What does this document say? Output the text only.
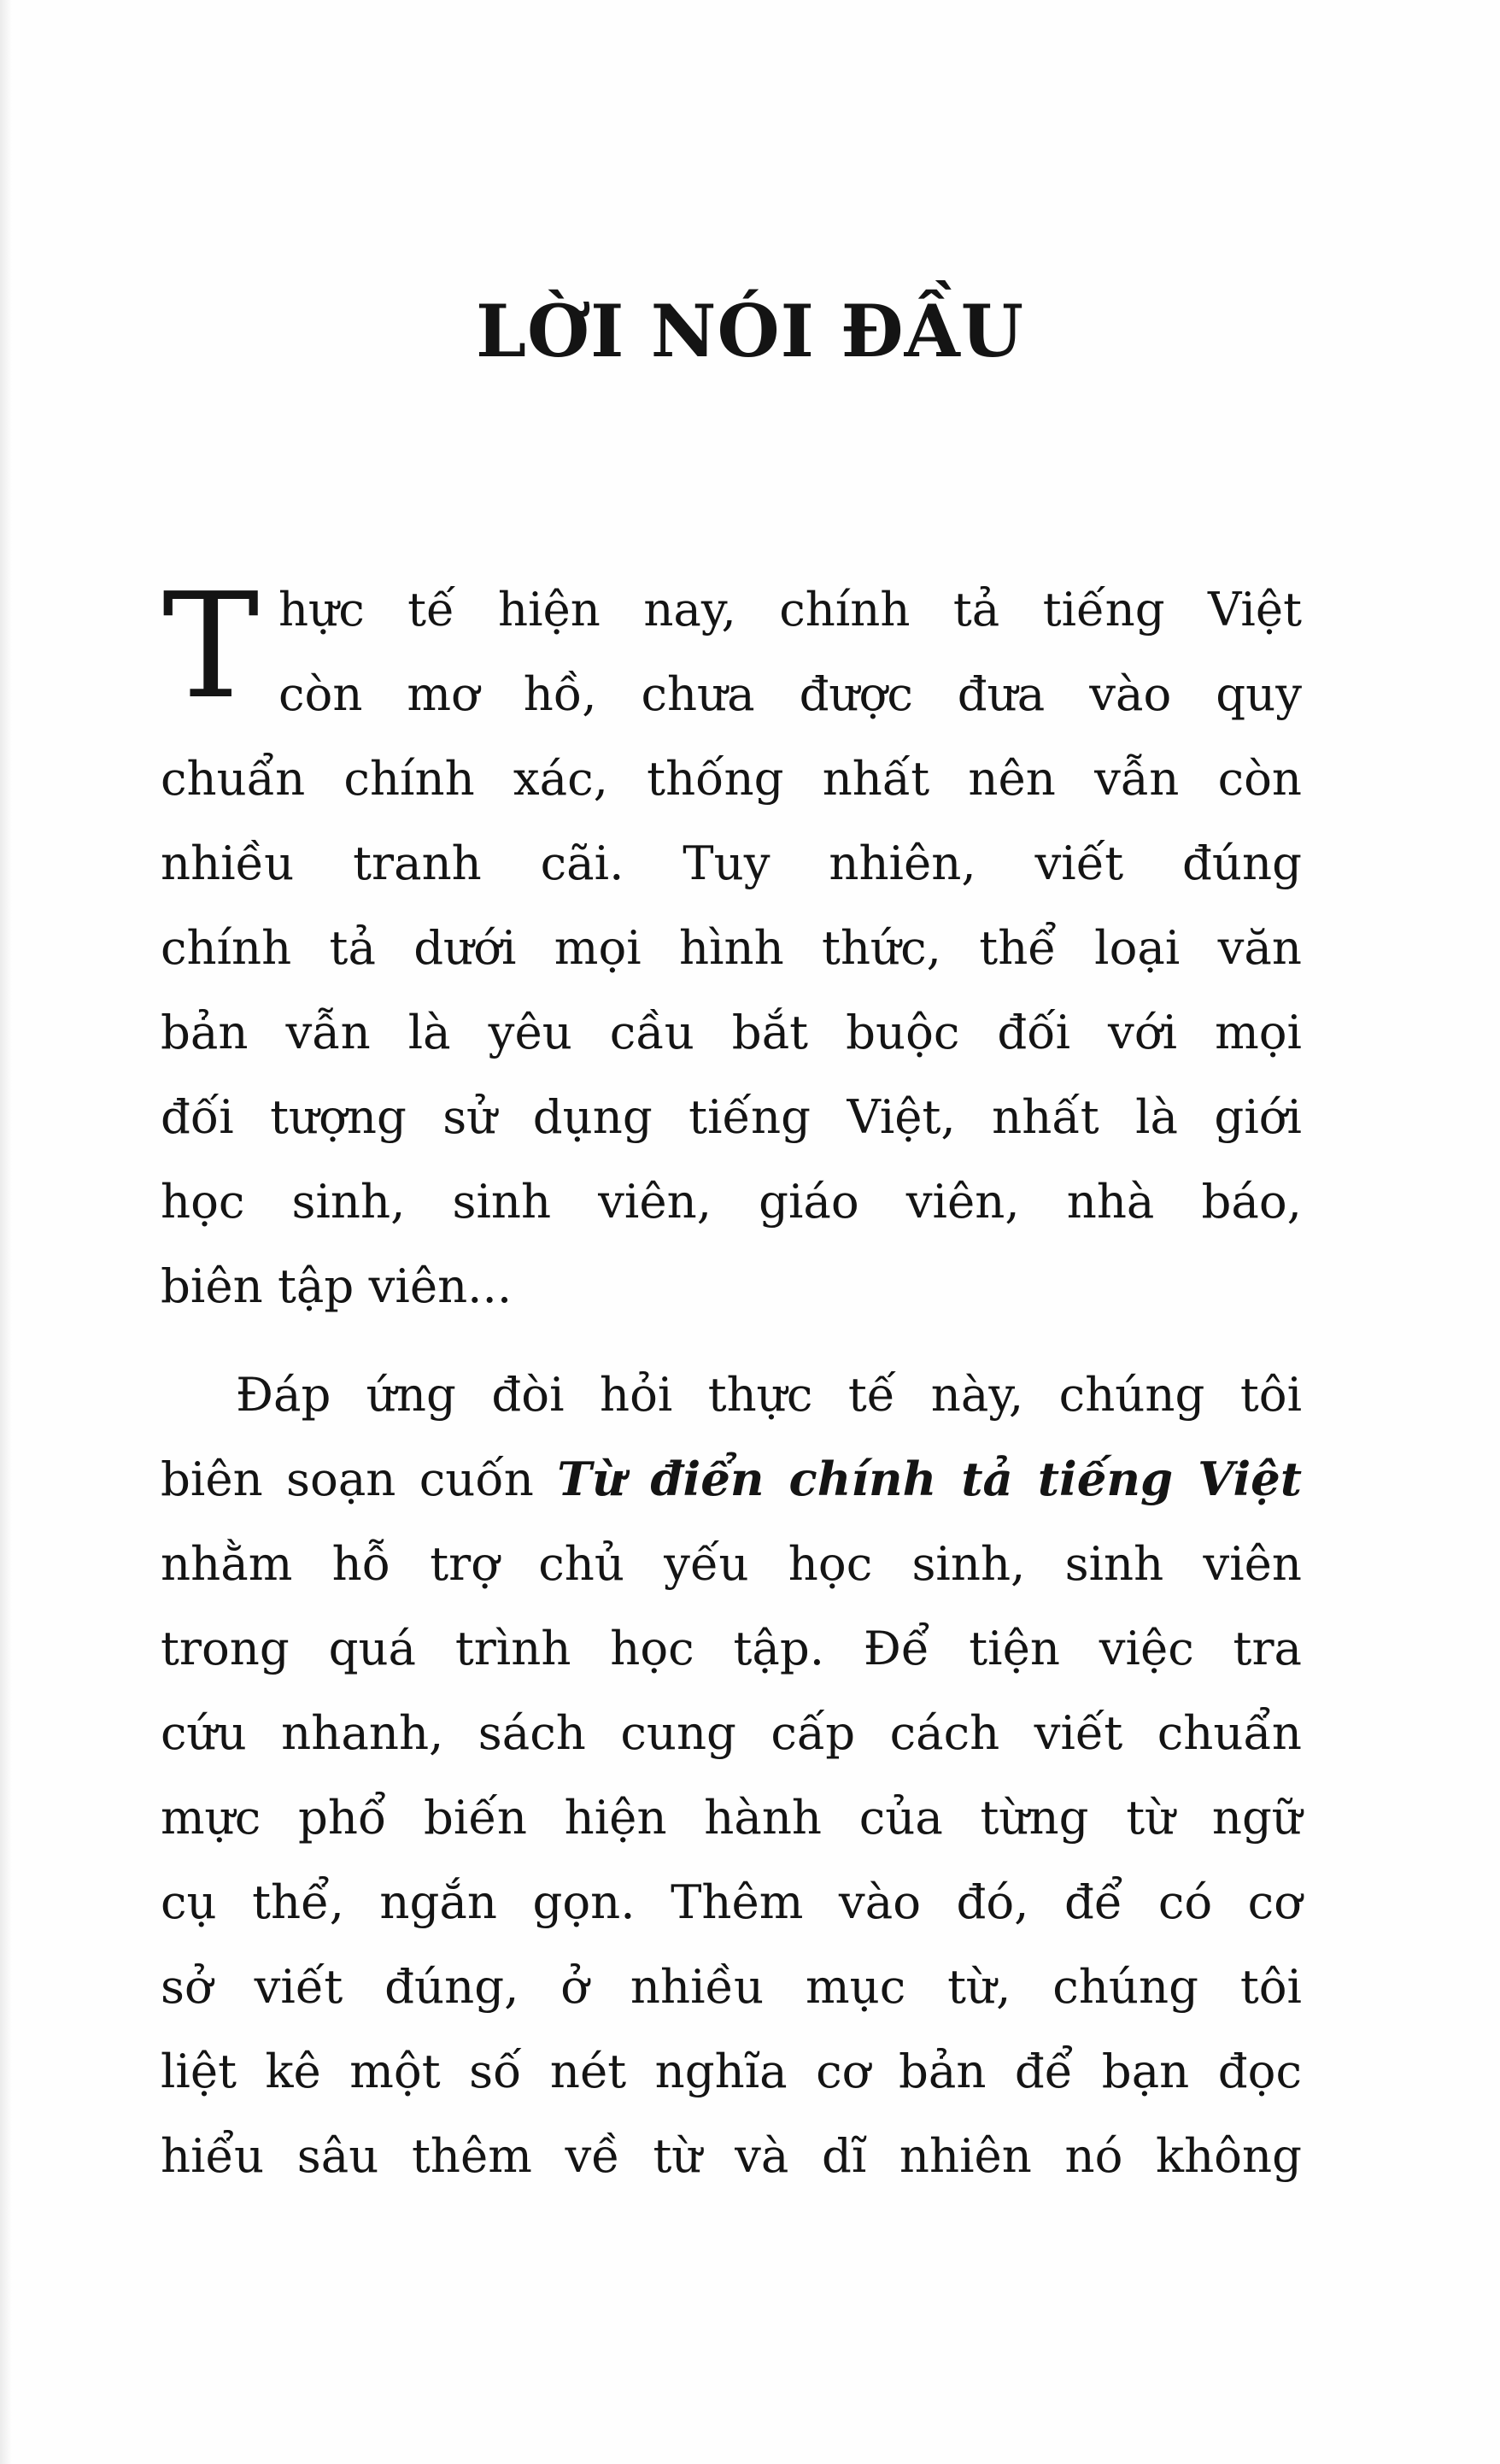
LỜI NÓI ĐẦU
T hực tế hiện nay, chính tả tiếng Việt
còn mơ hồ, chưa được đưa vào quy
chuẩn chính xác, thống nhất nên vẫn còn
nhiều tranh cãi. Tuy nhiên, viết đúng
chính tả dưới mọi hình thức, thể loại văn
bản vẫn là yêu cầu bắt buộc đối với mọi
đối tượng sử dụng tiếng Việt, nhất là giới
học sinh, sinh viên, giáo viên, nhà báo,
biên tập viên...
Đáp ứng đòi hỏi thực tế này, chúng tôi
biên soạn cuốn Từ điển chính tả tiếng Việt
nhằm hỗ trợ chủ yếu học sinh, sinh viên
trong quá trình học tập. Để tiện việc tra
cứu nhanh, sách cung cấp cách viết chuẩn
mực phổ biến hiện hành của từng từ ngữ
cụ thể, ngắn gọn. Thêm vào đó, để có cơ
sở viết đúng, ở nhiều mục từ, chúng tôi
liệt kê một số nét nghĩa cơ bản để bạn đọc
hiểu sâu thêm về từ và dĩ nhiên nó không
